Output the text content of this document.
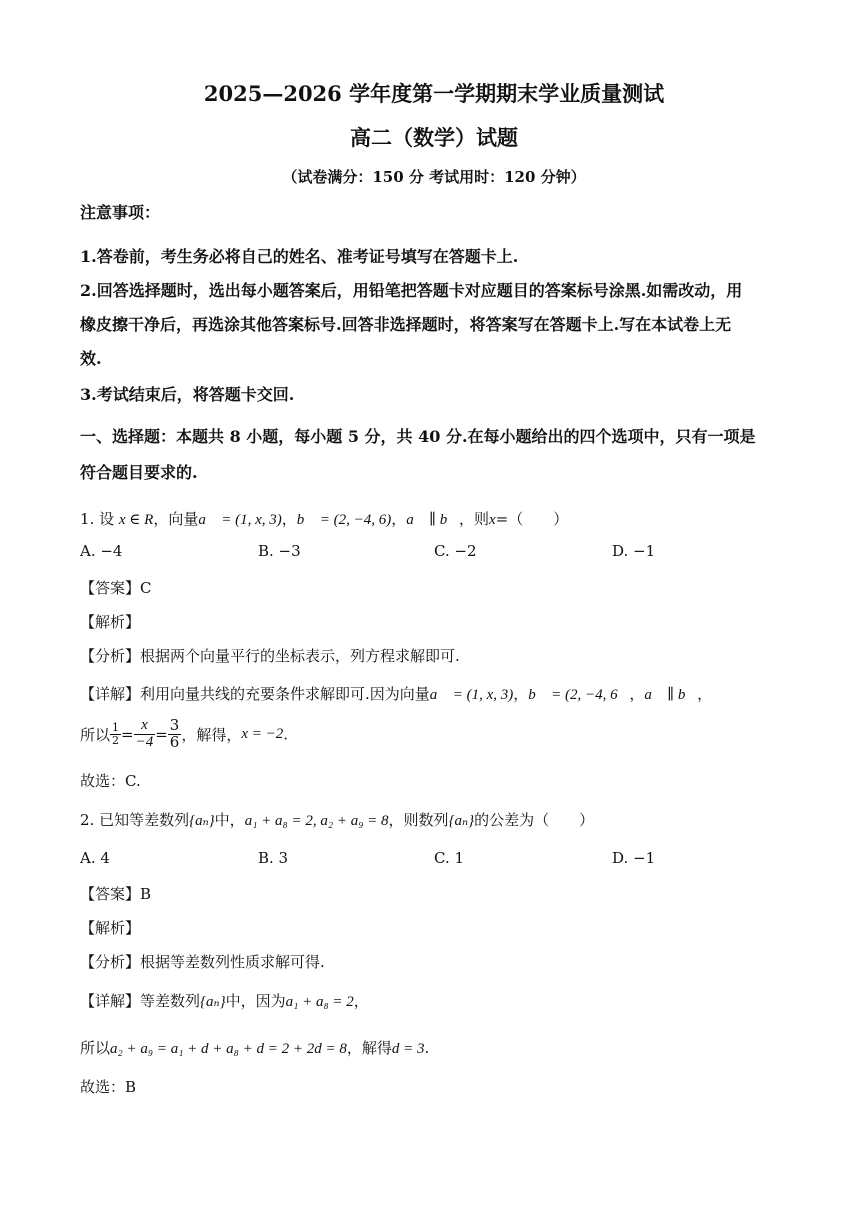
2025—2026 学年度第一学期期末学业质量测试
高二（数学）试题
（试卷满分：150 分 考试用时：120 分钟）
注意事项：
1.答卷前，考生务必将自己的姓名、准考证号填写在答题卡上.
2.回答选择题时，选出每小题答案后，用铅笔把答题卡对应题目的答案标号涂黑.如需改动，用
橡皮擦干净后，再选涂其他答案标号.回答非选择题时，将答案写在答题卡上.写在本试卷上无
效.
3.考试结束后，将答题卡交回.
一、选择题：本题共 8 小题，每小题 5 分，共 40 分.在每小题给出的四个选项中，只有一项是
符合题目要求的.
1. 设 x ∈ R，向量a⃗ = (1, x, 3)，b⃗ = (2, −4, 6)，a⃗ ∥ b⃗，则x=（　　）
A. −4	B. −3	C. −2	D. −1
【答案】C
【解析】
【分析】根据两个向量平行的坐标表示，列方程求解即可.
【详解】利用向量共线的充要条件求解即可.因为向量a⃗ = (1, x, 3)，b⃗ = (2, −4, 6），a⃗ ∥ b⃗，
所以 $\frac{1}{2} = \frac{x}{-4} = \frac{3}{6}$ ，解得，x = −2.
故选：C.
2. 已知等差数列{aₙ}中，a₁ + a₈ = 2, a₂ + a₉ = 8，则数列{aₙ}的公差为（　　）
A. 4	B. 3	C. 1	D. −1
【答案】B
【解析】
【分析】根据等差数列性质求解可得.
【详解】等差数列{aₙ}中，因为a₁ + a₈ = 2，
所以a₂ + a₉ = a₁ + d + a₈ + d = 2 + 2d = 8，解得d = 3.
故选：B
